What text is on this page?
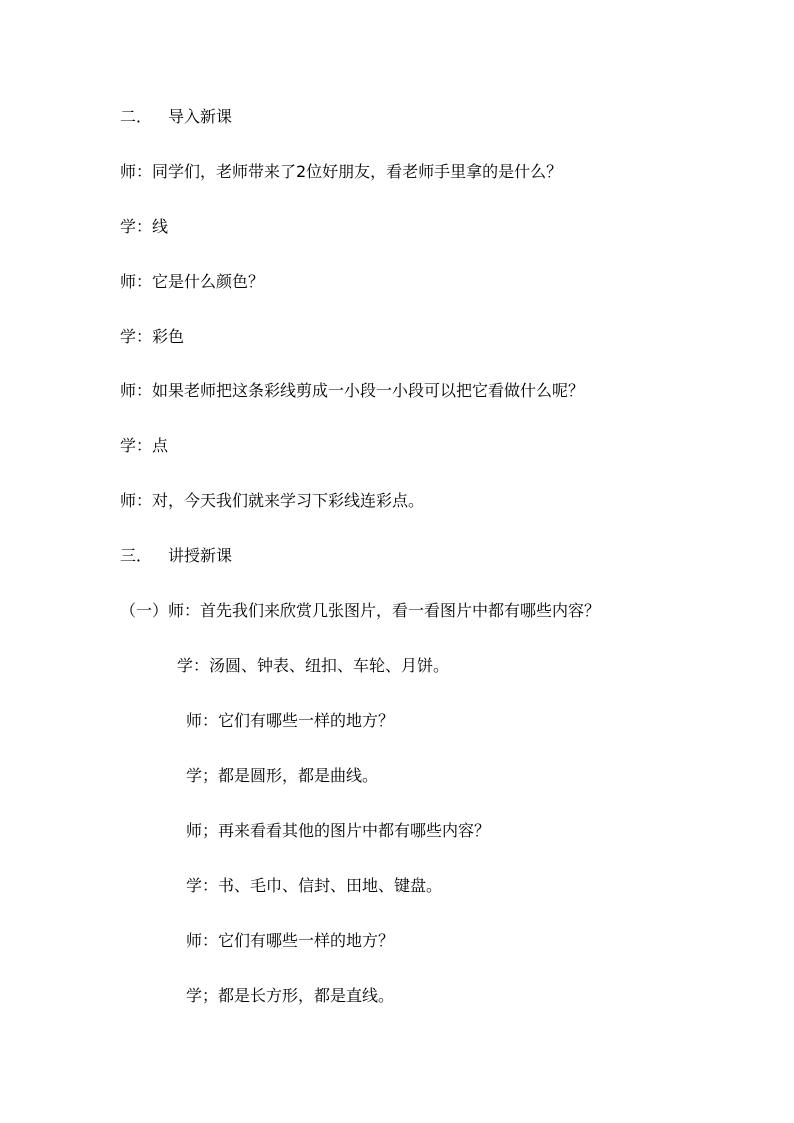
二． 导入新课
师：同学们，老师带来了2位好朋友，看老师手里拿的是什么？
学：线
师：它是什么颜色？
学：彩色
师：如果老师把这条彩线剪成一小段一小段可以把它看做什么呢？
学：点
师：对，今天我们就来学习下彩线连彩点。
三． 讲授新课
（一）师：首先我们来欣赏几张图片，看一看图片中都有哪些内容？
学：汤圆、钟表、纽扣、车轮、月饼。
师：它们有哪些一样的地方？
学；都是圆形，都是曲线。
师；再来看看其他的图片中都有哪些内容？
学：书、毛巾、信封、田地、键盘。
师：它们有哪些一样的地方？
学；都是长方形，都是直线。
